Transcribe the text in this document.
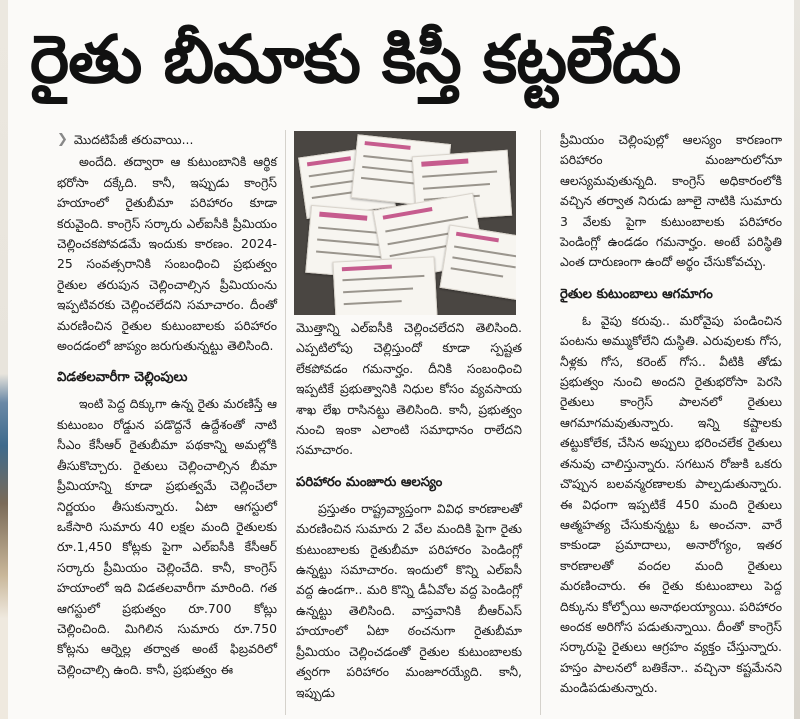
రైతు బీమాకు కిస్తీ కట్టలేదు
❯ మొదటిపేజీ తరువాయి...

అందేది. తద్వారా ఆ కుటుంబానికి ఆర్థిక భరోసా దక్కేది. కానీ, ఇప్పుడు కాంగ్రెస్ హయాంలో రైతుబీమా పరిహారం కూడా కరువైంది. కాంగ్రెస్ సర్కారు ఎల్ఐసీకి ప్రీమియం చెల్లించకపోవడమే ఇందుకు కారణం. 2024-25 సంవత్సరానికి సంబంధించి ప్రభుత్వం రైతుల తరుపున చెల్లించాల్సిన ప్రీమియంను ఇప్పటివరకు చెల్లించలేదని సమాచారం. దీంతో మరణించిన రైతుల కుటుంబాలకు పరిహారం అందడంలో జాప్యం జరుగుతున్నట్టు తెలిసింది.

విడతలవారీగా చెల్లింపులు

ఇంటి పెద్ద దిక్కుగా ఉన్న రైతు మరణిస్తే ఆ కుటుంబం రోడ్డున పడొద్దనే ఉద్దేశంతో నాటి సీఎం కేసీఆర్ రైతుబీమా పథకాన్ని అమల్లోకి తీసుకొచ్చారు. రైతులు చెల్లించాల్సిన బీమా ప్రీమియాన్ని కూడా ప్రభుత్వమే చెల్లించేలా నిర్ణయం తీసుకున్నారు. ఏటా ఆగస్టులో ఒకేసారి సుమారు 40 లక్షల మంది రైతులకు రూ.1,450 కోట్లకు పైగా ఎల్ఐసీకి కేసీఆర్ సర్కారు ప్రీమియం చెల్లించేది. కానీ, కాంగ్రెస్ హయాంలో ఇది విడతలవారీగా మారింది. గత ఆగస్టులో ప్రభుత్వం రూ.700 కోట్లు చెల్లించింది. మిగిలిన సుమారు రూ.750 కోట్లను ఆర్నెల్ల తర్వాత అంటే ఫిబ్రవరిలో చెల్లించాల్సి ఉంది. కానీ, ప్రభుత్వం ఈ

మొత్తాన్ని ఎల్ఐసీకి చెల్లించలేదని తెలిసింది. ఎప్పటిలోపు చెల్లిస్తుందో కూడా స్పష్టత లేకపోవడం గమనార్హం. దీనికి సంబంధించి ఇప్పటికే ప్రభుత్వానికి నిధుల కోసం వ్యవసాయ శాఖ లేఖ రాసినట్టు తెలిసింది. కానీ, ప్రభుత్వం నుంచి ఇంకా ఎలాంటి సమాధానం రాలేదని సమాచారం.

పరిహారం మంజూరు ఆలస్యం

ప్రస్తుతం రాష్ట్రవ్యాప్తంగా వివిధ కారణాలతో మరణించిన సుమారు 2 వేల మందికి పైగా రైతు కుటుంబాలకు రైతుబీమా పరిహారం పెండింగ్లో ఉన్నట్టు సమాచారం. ఇందులో కొన్ని ఎల్ఐసీ వద్ద ఉండగా.. మరి కొన్ని డీఏవోల వద్ద పెండింగ్లో ఉన్నట్టు తెలిసింది. వాస్తవానికి బీఆర్ఎస్ హయాంలో ఏటా ఠంచనుగా రైతుబీమా ప్రీమియం చెల్లించడంతో రైతుల కుటుంబాలకు త్వరగా పరిహారం మంజూరయ్యేది. కానీ, ఇప్పుడు

ప్రీమియం చెల్లింపుల్లో ఆలస్యం కారణంగా పరిహారం మంజూరులోనూ ఆలస్యమవుతున్నది. కాంగ్రెస్ అధికారంలోకి వచ్చిన తర్వాత నిరుడు జూలై నాటికి సుమారు 3 వేలకు పైగా కుటుంబాలకు పరిహారం పెండింగ్లో ఉండడం గమనార్హం. అంటే పరిస్థితి ఎంత దారుణంగా ఉందో అర్థం చేసుకోవచ్చు.

రైతుల కుటుంబాలు ఆగమాగం

ఓ వైపు కరువు.. మరోవైపు పండించిన పంటను అమ్ముకోలేని దుస్థితి. ఎరువులకు గోస, నీళ్లకు గోస, కరెంట్ గోస.. వీటికి తోడు ప్రభుత్వం నుంచి అందని రైతుభరోసా పెరసి రైతులు కాంగ్రెస్ పాలనలో రైతులు ఆగమాగమవుతున్నారు. ఇన్ని కష్టాలకు తట్టుకోలేక, చేసిన అప్పులు భరించలేక రైతులు తనువు చాలిస్తున్నారు. సగటున రోజుకి ఒకరు చొప్పున బలవన్మరణాలకు పాల్పడుతున్నారు. ఈ విధంగా ఇప్పటికే 450 మంది రైతులు ఆత్మహత్య చేసుకున్నట్టు ఓ అంచనా. వారే కాకుండా ప్రమాదాలు, అనారోగ్యం, ఇతర కారణాలతో వందల మంది రైతులు మరణించారు. ఈ రైతు కుటుంబాలు పెద్ద దిక్కును కోల్పోయి అనాథలయ్యాయి. పరిహారం అందక అరిగోస పడుతున్నాయి. దీంతో కాంగ్రెస్ సర్కారుపై రైతులు ఆగ్రహం వ్యక్తం చేస్తున్నారు. హస్తం పాలనలో బతికేనా.. వచ్చినా కష్టమేనని మండిపడుతున్నారు.
